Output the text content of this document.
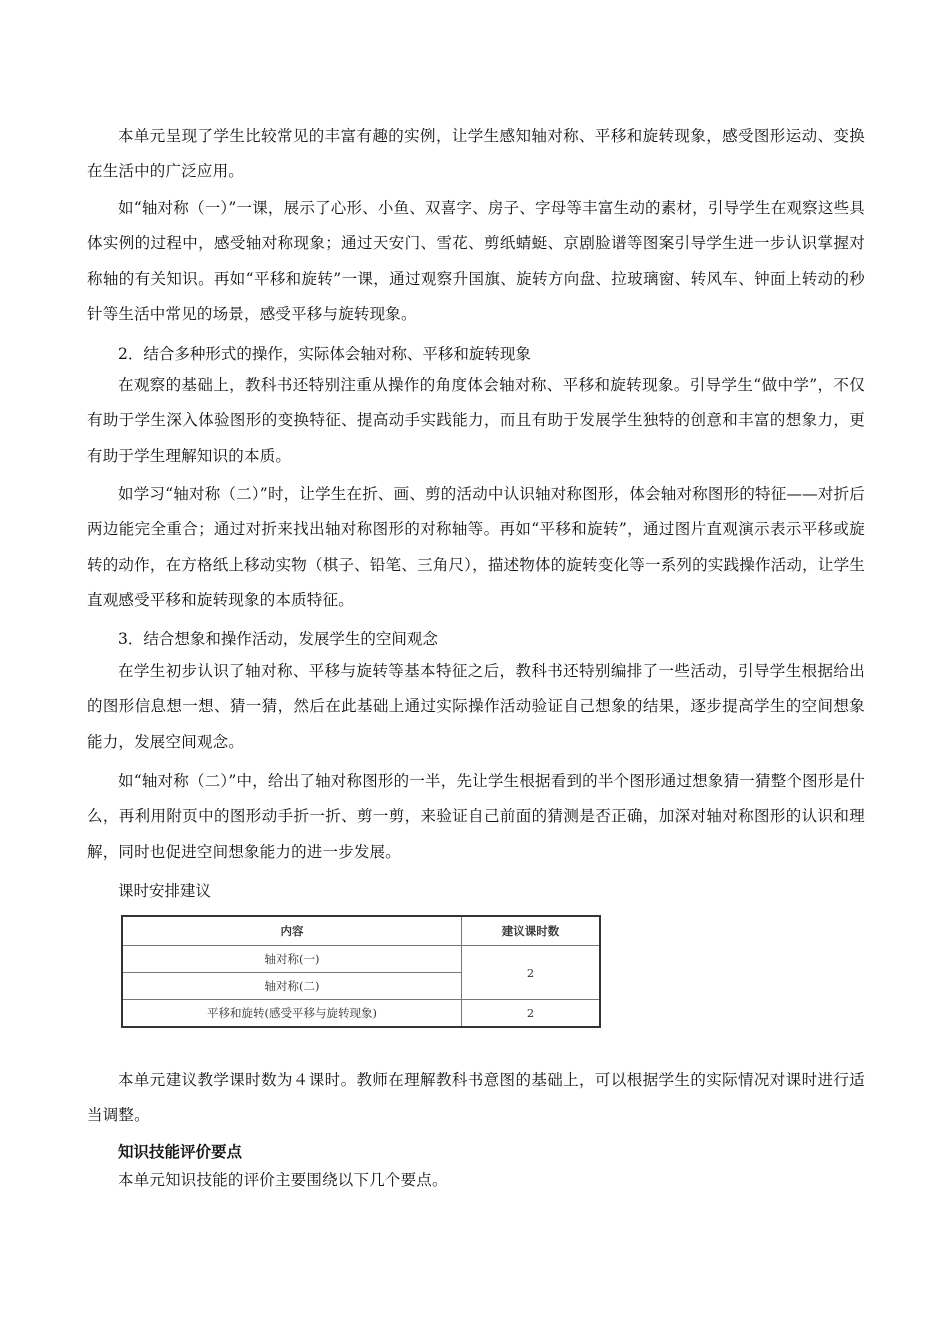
本单元呈现了学生比较常见的丰富有趣的实例，让学生感知轴对称、平移和旋转现象，感受图形运动、变换在生活中的广泛应用。

如“轴对称（一）”一课，展示了心形、小鱼、双喜字、房子、字母等丰富生动的素材，引导学生在观察这些具体实例的过程中，感受轴对称现象；通过天安门、雪花、剪纸蜻蜓、京剧脸谱等图案引导学生进一步认识掌握对称轴的有关知识。再如“平移和旋转”一课，通过观察升国旗、旋转方向盘、拉玻璃窗、转风车、钟面上转动的秒针等生活中常见的场景，感受平移与旋转现象。

2．结合多种形式的操作，实际体会轴对称、平移和旋转现象

在观察的基础上，教科书还特别注重从操作的角度体会轴对称、平移和旋转现象。引导学生“做中学”，不仅有助于学生深入体验图形的变换特征、提高动手实践能力，而且有助于发展学生独特的创意和丰富的想象力，更有助于学生理解知识的本质。

如学习“轴对称（二）”时，让学生在折、画、剪的活动中认识轴对称图形，体会轴对称图形的特征——对折后两边能完全重合；通过对折来找出轴对称图形的对称轴等。再如“平移和旋转”，通过图片直观演示表示平移或旋转的动作，在方格纸上移动实物（棋子、铅笔、三角尺），描述物体的旋转变化等一系列的实践操作活动，让学生直观感受平移和旋转现象的本质特征。

3．结合想象和操作活动，发展学生的空间观念

在学生初步认识了轴对称、平移与旋转等基本特征之后，教科书还特别编排了一些活动，引导学生根据给出的图形信息想一想、猜一猜，然后在此基础上通过实际操作活动验证自己想象的结果，逐步提高学生的空间想象能力，发展空间观念。

如“轴对称（二）”中，给出了轴对称图形的一半，先让学生根据看到的半个图形通过想象猜一猜整个图形是什么，再利用附页中的图形动手折一折、剪一剪，来验证自己前面的猜测是否正确，加深对轴对称图形的认识和理解，同时也促进空间想象能力的进一步发展。

课时安排建议

内容	建议课时数
轴对称(一)	2
轴对称(二)	
平移和旋转(感受平移与旋转现象)	2

本单元建议教学课时数为４课时。教师在理解教科书意图的基础上，可以根据学生的实际情况对课时进行适当调整。

知识技能评价要点

本单元知识技能的评价主要围绕以下几个要点。
